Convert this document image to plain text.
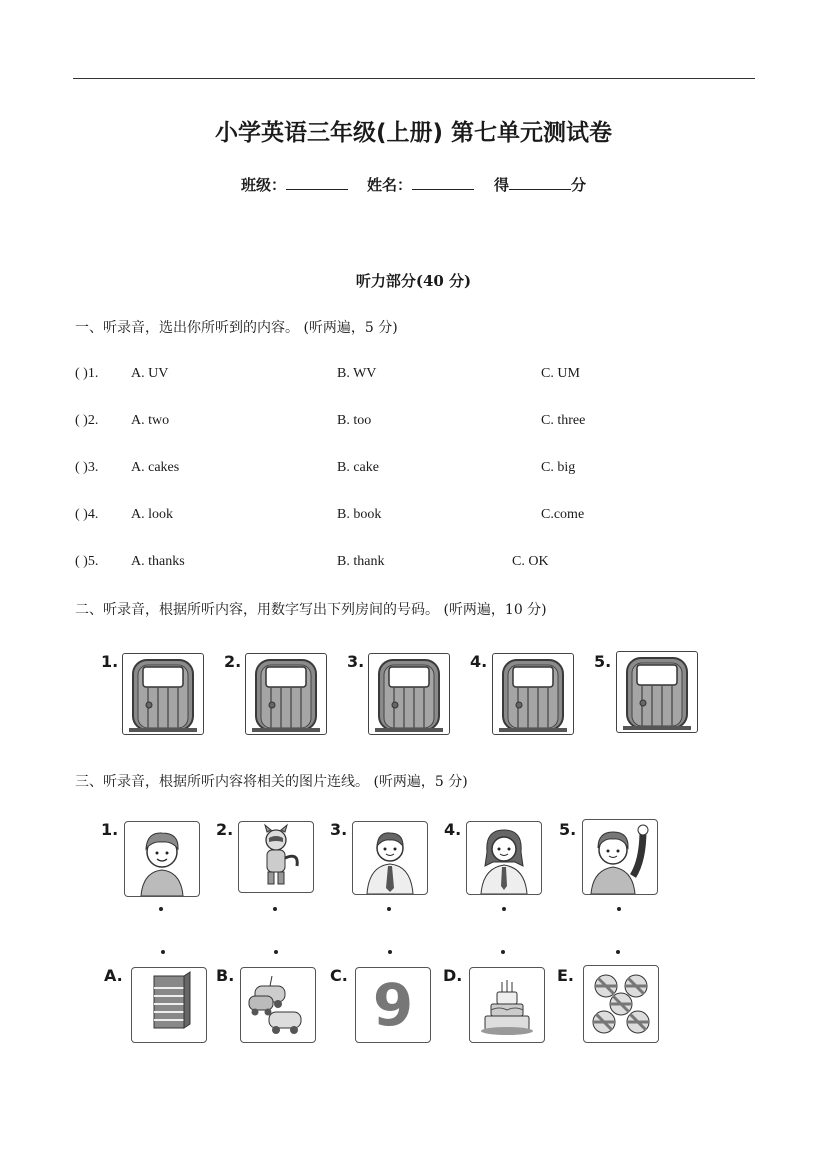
小学英语三年级(上册) 第七单元测试卷
班级：	姓名：	得	分
听力部分(40 分)
一、听录音，选出你所听到的内容。 (听两遍，5 分)
( )1. A. UV	B. WV	C. UM
( )2. A. two	B. too	C. three
( )3. A. cakes	B. cake	C. big
( )4. A. look	B. book	C.come
( )5. A. thanks	B. thank	C. OK
二、听录音，根据所听内容，用数字写出下列房间的号码。 (听两遍，10 分)
1.	2.	3.	4.	5.
三、听录音，根据所听内容将相关的图片连线。 (听两遍，5 分)
1.	2.	3.	4.	5.
A.	B.	C.	D.	E.
9
